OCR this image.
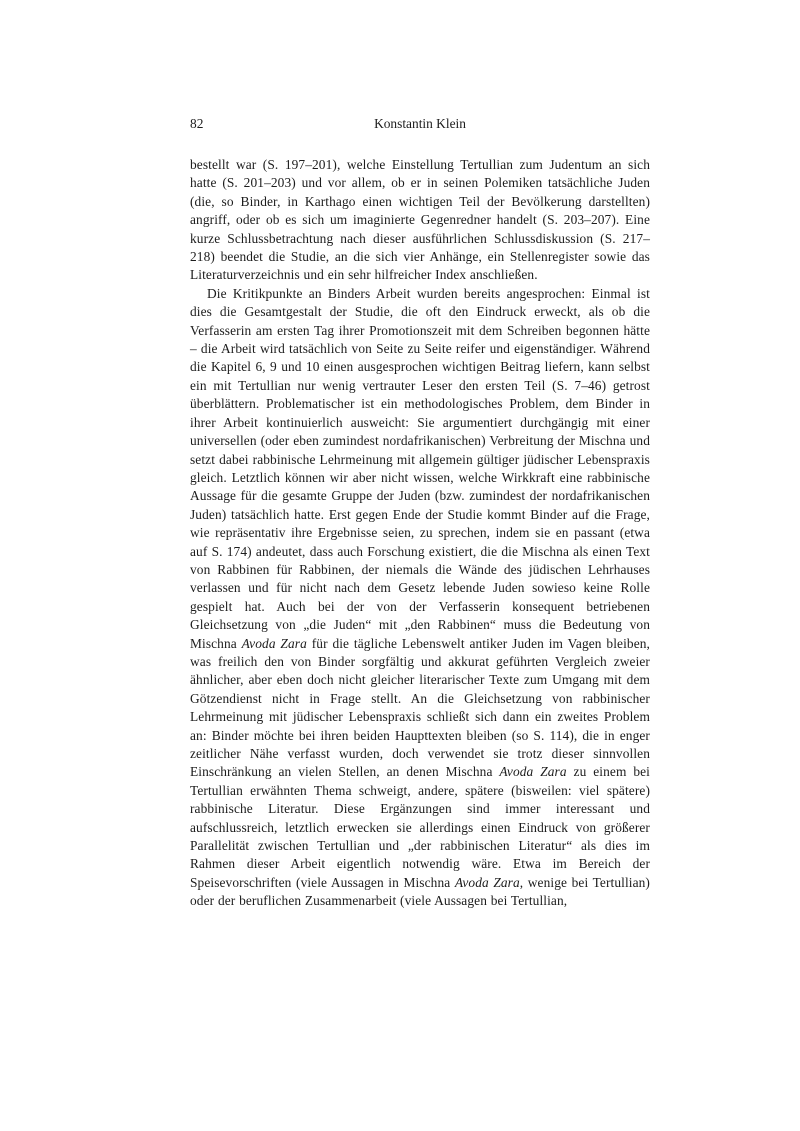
82	Konstantin Klein

bestellt war (S. 197–201), welche Einstellung Tertullian zum Judentum an sich hatte (S. 201–203) und vor allem, ob er in seinen Polemiken tatsächliche Juden (die, so Binder, in Karthago einen wichtigen Teil der Bevölkerung darstellten) angriff, oder ob es sich um imaginierte Gegenredner handelt (S. 203–207). Eine kurze Schlussbetrachtung nach dieser ausführlichen Schlussdiskussion (S. 217–218) beendet die Studie, an die sich vier Anhänge, ein Stellenregister sowie das Literaturverzeichnis und ein sehr hilfreicher Index anschließen.

Die Kritikpunkte an Binders Arbeit wurden bereits angesprochen: Einmal ist dies die Gesamtgestalt der Studie, die oft den Eindruck erweckt, als ob die Verfasserin am ersten Tag ihrer Promotionszeit mit dem Schreiben begonnen hätte – die Arbeit wird tatsächlich von Seite zu Seite reifer und eigenständiger. Während die Kapitel 6, 9 und 10 einen ausgesprochen wichtigen Beitrag liefern, kann selbst ein mit Tertullian nur wenig vertrauter Leser den ersten Teil (S. 7–46) getrost überblättern. Problematischer ist ein methodologisches Problem, dem Binder in ihrer Arbeit kontinuierlich ausweicht: Sie argumentiert durchgängig mit einer universellen (oder eben zumindest nordafrikanischen) Verbreitung der Mischna und setzt dabei rabbinische Lehrmeinung mit allgemein gültiger jüdischer Lebenspraxis gleich. Letztlich können wir aber nicht wissen, welche Wirkkraft eine rabbinische Aussage für die gesamte Gruppe der Juden (bzw. zumindest der nordafrikanischen Juden) tatsächlich hatte. Erst gegen Ende der Studie kommt Binder auf die Frage, wie repräsentativ ihre Ergebnisse seien, zu sprechen, indem sie en passant (etwa auf S. 174) andeutet, dass auch Forschung existiert, die die Mischna als einen Text von Rabbinen für Rabbinen, der niemals die Wände des jüdischen Lehrhauses verlassen und für nicht nach dem Gesetz lebende Juden sowieso keine Rolle gespielt hat. Auch bei der von der Verfasserin konsequent betriebenen Gleichsetzung von „die Juden“ mit „den Rabbinen“ muss die Bedeutung von Mischna Avoda Zara für die tägliche Lebenswelt antiker Juden im Vagen bleiben, was freilich den von Binder sorgfältig und akkurat geführten Vergleich zweier ähnlicher, aber eben doch nicht gleicher literarischer Texte zum Umgang mit dem Götzendienst nicht in Frage stellt. An die Gleichsetzung von rabbinischer Lehrmeinung mit jüdischer Lebenspraxis schließt sich dann ein zweites Problem an: Binder möchte bei ihren beiden Haupttexten bleiben (so S. 114), die in enger zeitlicher Nähe verfasst wurden, doch verwendet sie trotz dieser sinnvollen Einschränkung an vielen Stellen, an denen Mischna Avoda Zara zu einem bei Tertullian erwähnten Thema schweigt, andere, spätere (bisweilen: viel spätere) rabbinische Literatur. Diese Ergänzungen sind immer interessant und aufschlussreich, letztlich erwecken sie allerdings einen Eindruck von größerer Parallelität zwischen Tertullian und „der rabbinischen Literatur“ als dies im Rahmen dieser Arbeit eigentlich notwendig wäre. Etwa im Bereich der Speisevorschriften (viele Aussagen in Mischna Avoda Zara, wenige bei Tertullian) oder der beruflichen Zusammenarbeit (viele Aussagen bei Tertullian,
